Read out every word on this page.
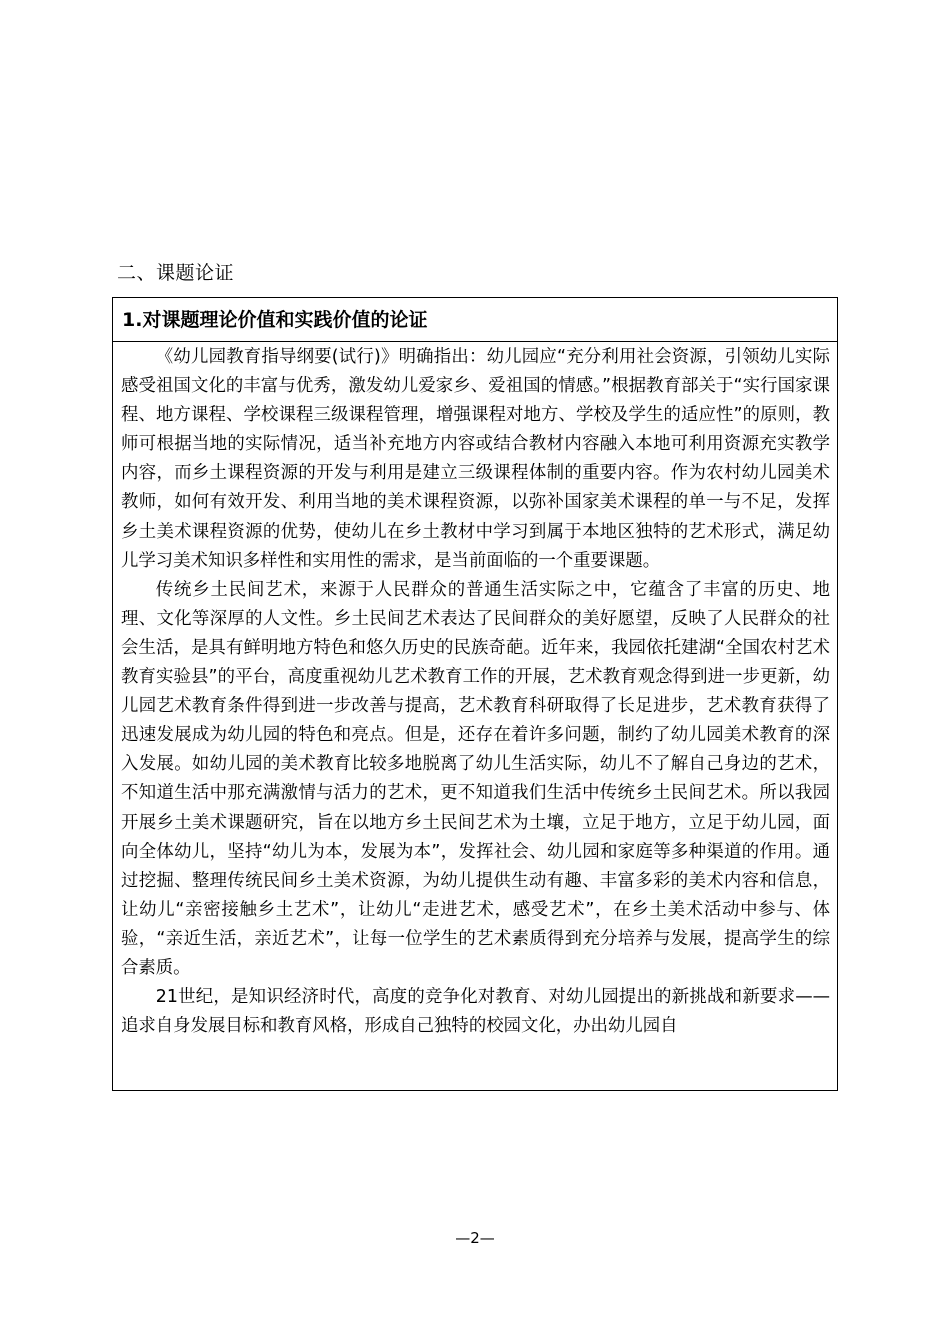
二、课题论证
1.对课题理论价值和实践价值的论证

《幼儿园教育指导纲要(试行)》明确指出：幼儿园应“充分利用社会资源，引领幼儿实际感受祖国文化的丰富与优秀，激发幼儿爱家乡、爱祖国的情感。”根据教育部关于“实行国家课程、地方课程、学校课程三级课程管理，增强课程对地方、学校及学生的适应性”的原则，教师可根据当地的实际情况，适当补充地方内容或结合教材内容融入本地可利用资源充实教学内容，而乡土课程资源的开发与利用是建立三级课程体制的重要内容。作为农村幼儿园美术教师，如何有效开发、利用当地的美术课程资源，以弥补国家美术课程的单一与不足，发挥乡土美术课程资源的优势，使幼儿在乡土教材中学习到属于本地区独特的艺术形式，满足幼儿学习美术知识多样性和实用性的需求，是当前面临的一个重要课题。

传统乡土民间艺术，来源于人民群众的普通生活实际之中，它蕴含了丰富的历史、地理、文化等深厚的人文性。乡土民间艺术表达了民间群众的美好愿望，反映了人民群众的社会生活，是具有鲜明地方特色和悠久历史的民族奇葩。近年来，我园依托建湖“全国农村艺术教育实验县”的平台，高度重视幼儿艺术教育工作的开展，艺术教育观念得到进一步更新，幼儿园艺术教育条件得到进一步改善与提高，艺术教育科研取得了长足进步，艺术教育获得了迅速发展成为幼儿园的特色和亮点。但是，还存在着许多问题，制约了幼儿园美术教育的深入发展。如幼儿园的美术教育比较多地脱离了幼儿生活实际，幼儿不了解自己身边的艺术，不知道生活中那充满激情与活力的艺术，更不知道我们生活中传统乡土民间艺术。所以我园开展乡土美术课题研究，旨在以地方乡土民间艺术为土壤，立足于地方，立足于幼儿园，面向全体幼儿，坚持“幼儿为本，发展为本”，发挥社会、幼儿园和家庭等多种渠道的作用。通过挖掘、整理传统民间乡土美术资源，为幼儿提供生动有趣、丰富多彩的美术内容和信息，让幼儿“亲密接触乡土艺术”，让幼儿“走进艺术，感受艺术”，在乡土美术活动中参与、体验，“亲近生活，亲近艺术”，让每一位学生的艺术素质得到充分培养与发展，提高学生的综合素质。

21世纪，是知识经济时代，高度的竞争化对教育、对幼儿园提出的新挑战和新要求——追求自身发展目标和教育风格，形成自己独特的校园文化，办出幼儿园自

—2—
